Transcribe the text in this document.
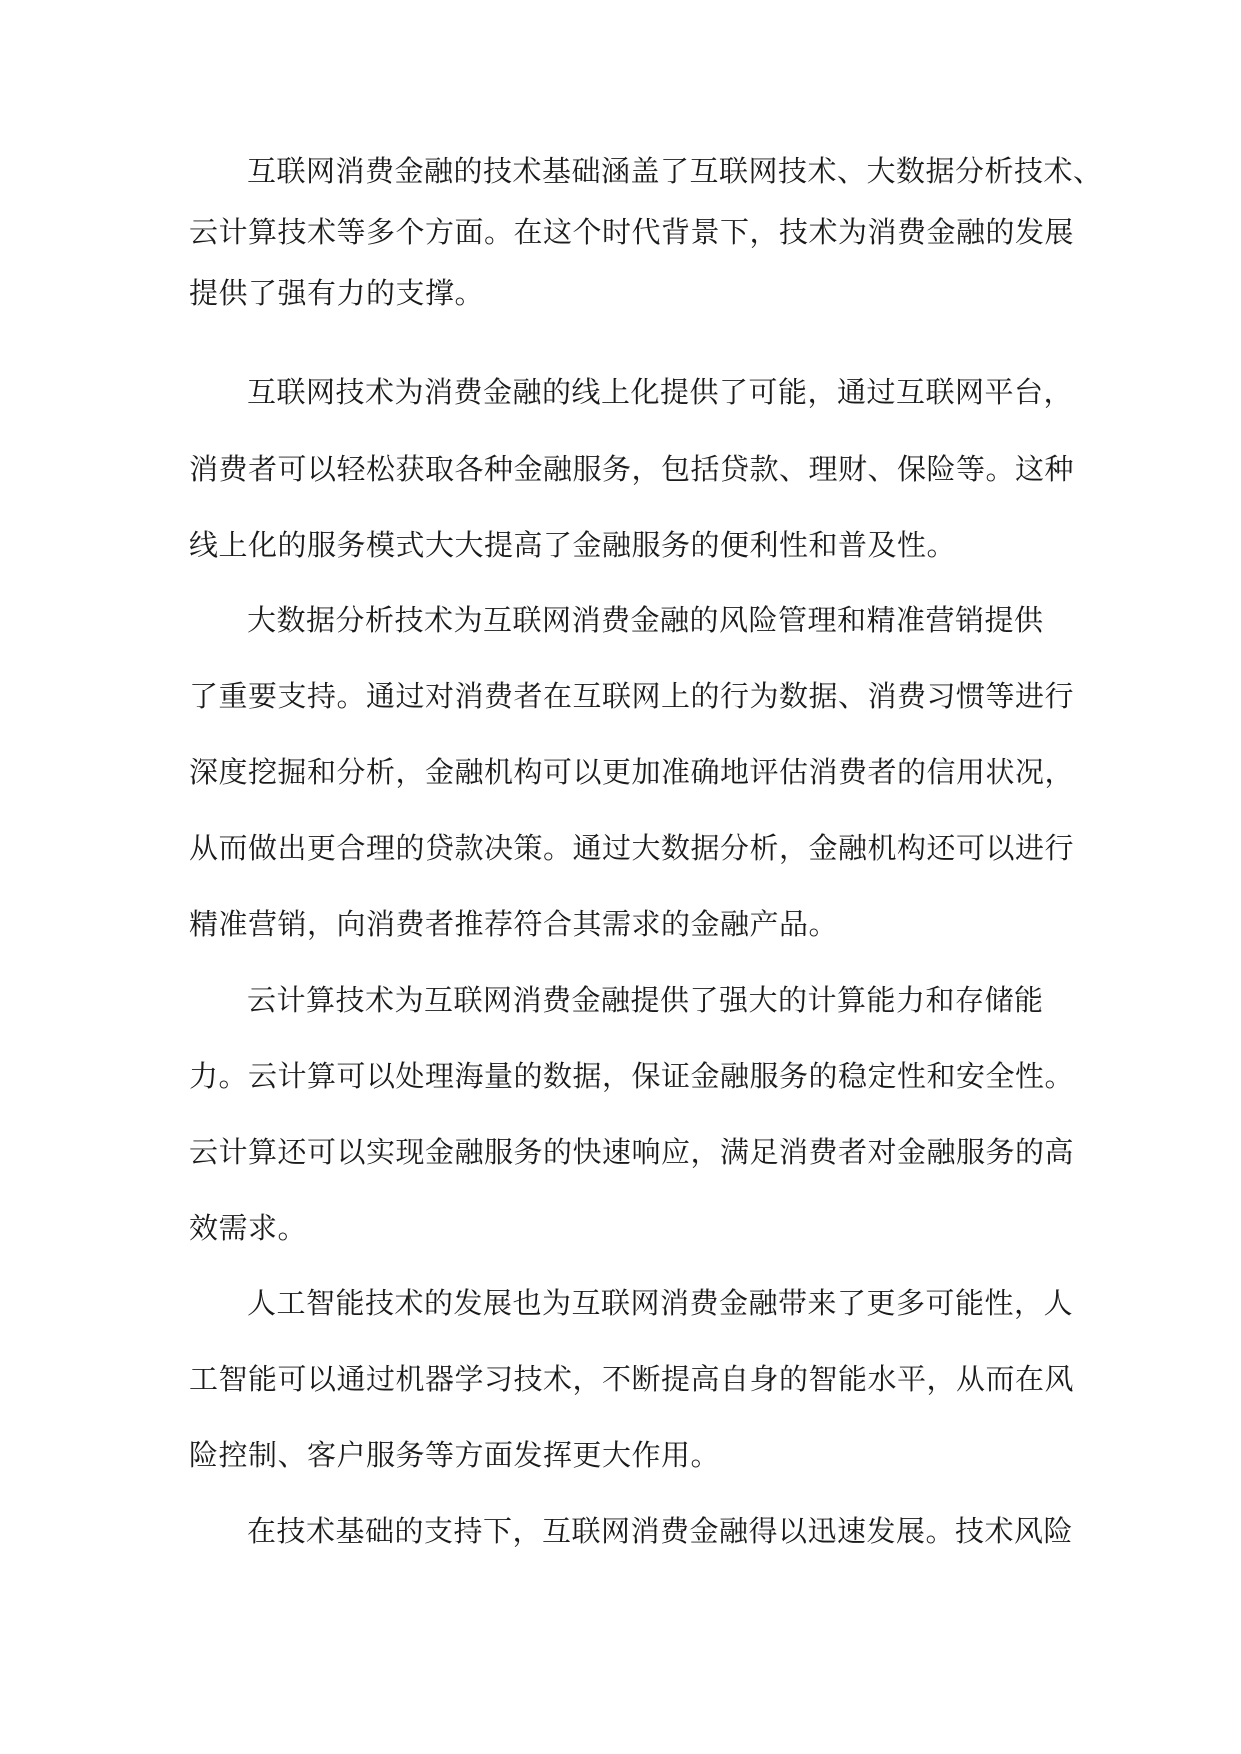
互联网消费金融的技术基础涵盖了互联网技术、大数据分析技术、

云计算技术等多个方面。在这个时代背景下，技术为消费金融的发展

提供了强有力的支撑。

互联网技术为消费金融的线上化提供了可能，通过互联网平台，

消费者可以轻松获取各种金融服务，包括贷款、理财、保险等。这种

线上化的服务模式大大提高了金融服务的便利性和普及性。

大数据分析技术为互联网消费金融的风险管理和精准营销提供

了重要支持。通过对消费者在互联网上的行为数据、消费习惯等进行

深度挖掘和分析，金融机构可以更加准确地评估消费者的信用状况，

从而做出更合理的贷款决策。通过大数据分析，金融机构还可以进行

精准营销，向消费者推荐符合其需求的金融产品。

云计算技术为互联网消费金融提供了强大的计算能力和存储能

力。云计算可以处理海量的数据，保证金融服务的稳定性和安全性。

云计算还可以实现金融服务的快速响应，满足消费者对金融服务的高

效需求。

人工智能技术的发展也为互联网消费金融带来了更多可能性，人

工智能可以通过机器学习技术，不断提高自身的智能水平，从而在风

险控制、客户服务等方面发挥更大作用。

在技术基础的支持下，互联网消费金融得以迅速发展。技术风险
